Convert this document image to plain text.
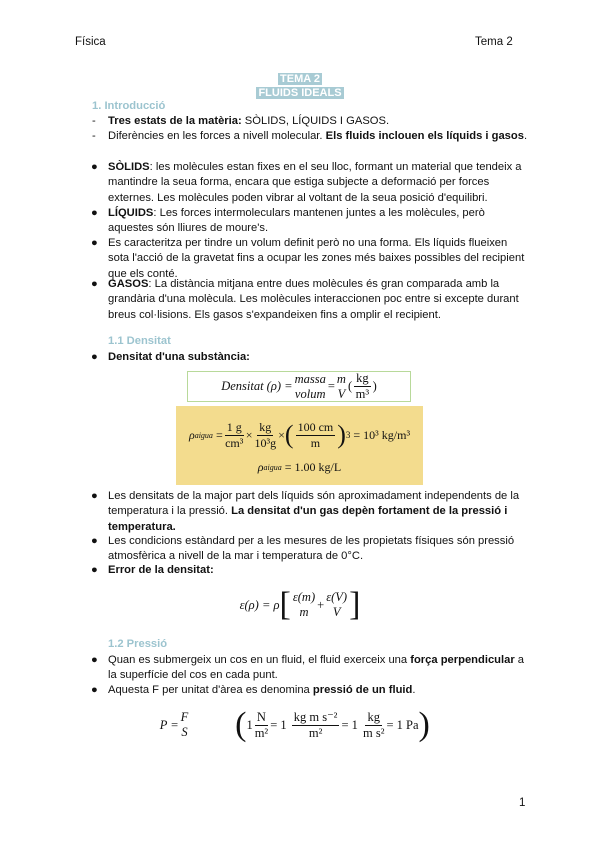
Física	Tema 2
TEMA 2
FLUIDS IDEALS
1. Introducció
- Tres estats de la matèria: SÒLIDS, LÍQUIDS I GASOS.
- Diferències en les forces a nivell molecular. Els fluids inclouen els líquids i gasos.
● SÒLIDS: les molècules estan fixes en el seu lloc, formant un material que tendeix a mantindre la seua forma, encara que estiga subjecte a deformació per forces externes. Les molècules poden vibrar al voltant de la seua posició d'equilibri.
● LÍQUIDS: Les forces intermoleculars mantenen juntes a les molècules, però aquestes són lliures de moure's.
● Es caracteritza per tindre un volum definit però no una forma. Els líquids flueixen sota l'acció de la gravetat fins a ocupar les zones més baixes possibles del recipient que els conté.
● GASOS: La distància mitjana entre dues molècules és gran comparada amb la grandària d'una molècula. Les molècules interaccionen poc entre si excepte durant breus col·lisions. Els gasos s'expandeixen fins a omplir el recipient.
1.1 Densitat
● Densitat d'una substància:
Densitat (ρ) =
massa
volum
=
m
V
(
kg
m³
)
ρ aigua
= $\frac{1 g}{\text{cm³}} \times \frac{kg}{\text{10³g}}$ × ( 100 cm
m ) 3
= 10³ kg/m³
ρ aigua
= 1.00 kg/L
● Les densitats de la major part dels líquids són aproximadament independents de la temperatura i la pressió. La densitat d'un gas depèn fortament de la pressió i temperatura.
● Les condicions estàndard per a les mesures de les propietats físiques són pressió atmosfèrica a nivell de la mar i temperatura de 0°C.
● Error de la densitat:
ε(ρ) = ρ [ ε(m)
m
+
ε(V)
V ]
1.2 Pressió
● Quan es submergeix un cos en un fluid, el fluid exerceix una força perpendicular a la superfície del cos en cada punt.
● Aquesta F per unitat d'àrea es denomina pressió de un fluid.
P =
F
S ( $1 \frac{N}{\text{m²}} = 1$
$\frac{\text{kg m s⁻²}}{\text{m²}} = 1$
$\frac{kg}{\text{m s²}} = 1$ Pa )
1
